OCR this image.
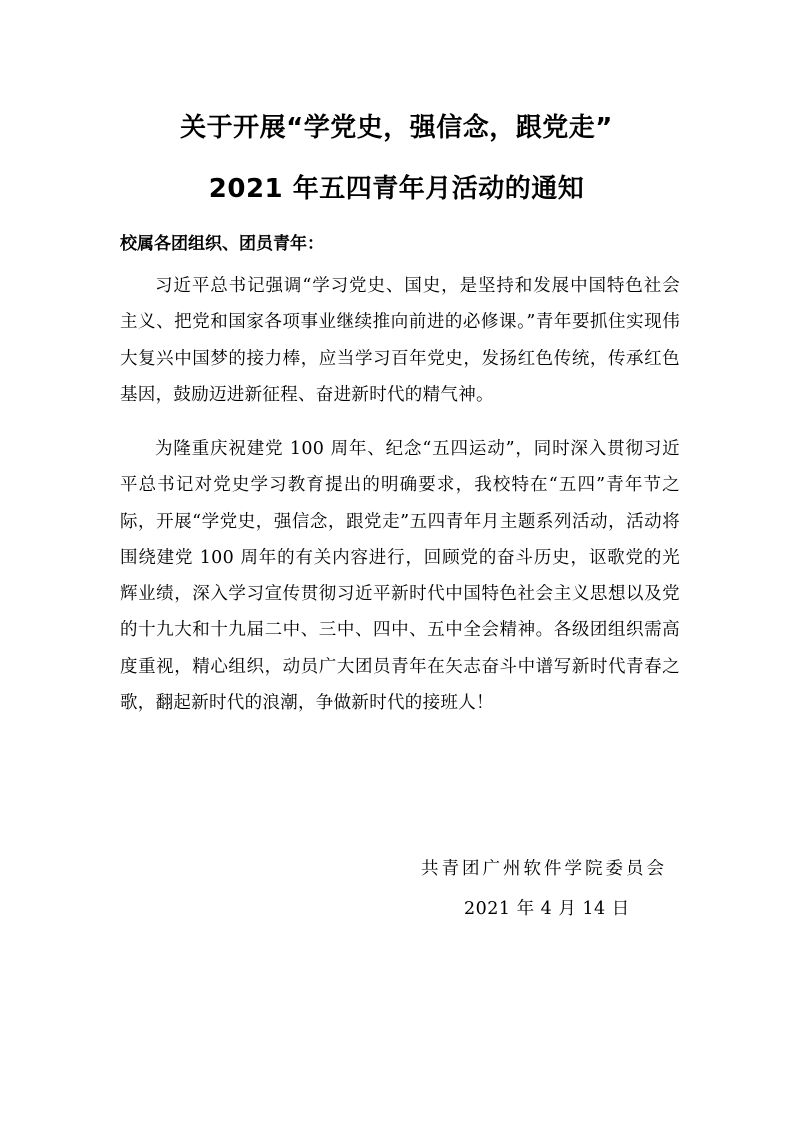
关于开展“学党史，强信念，跟党走”
2021 年五四青年月活动的通知

校属各团组织、团员青年：

习近平总书记强调“学习党史、国史，是坚持和发展中国特色社会主义、把党和国家各项事业继续推向前进的必修课。”青年要抓住实现伟大复兴中国梦的接力棒，应当学习百年党史，发扬红色传统，传承红色基因，鼓励迈进新征程、奋进新时代的精气神。

为隆重庆祝建党 100 周年、纪念“五四运动”，同时深入贯彻习近平总书记对党史学习教育提出的明确要求，我校特在“五四”青年节之际，开展“学党史，强信念，跟党走”五四青年月主题系列活动，活动将围绕建党 100 周年的有关内容进行，回顾党的奋斗历史，讴歌党的光辉业绩，深入学习宣传贯彻习近平新时代中国特色社会主义思想以及党的十九大和十九届二中、三中、四中、五中全会精神。各级团组织需高度重视，精心组织，动员广大团员青年在矢志奋斗中谱写新时代青春之歌，翻起新时代的浪潮，争做新时代的接班人！

共青团广州软件学院委员会

2021 年 4 月 14 日
